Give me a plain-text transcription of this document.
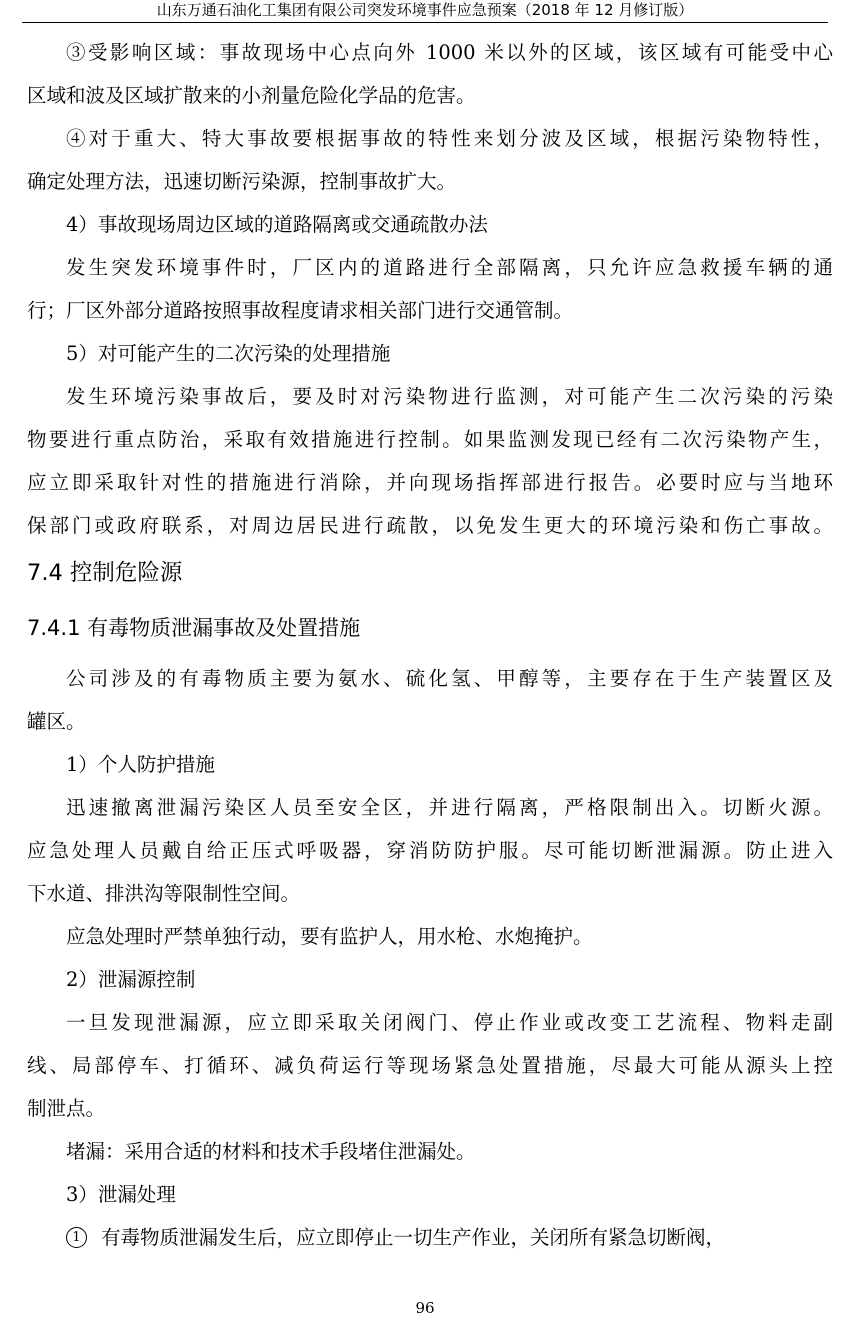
山东万通石油化工集团有限公司突发环境事件应急预案（2018 年 12 月修订版）
③受影响区域：事故现场中心点向外 1000 米以外的区域，该区域有可能受中心
区域和波及区域扩散来的小剂量危险化学品的危害。
④对于重大、特大事故要根据事故的特性来划分波及区域，根据污染物特性，
确定处理方法，迅速切断污染源，控制事故扩大。
4）事故现场周边区域的道路隔离或交通疏散办法
发生突发环境事件时，厂区内的道路进行全部隔离，只允许应急救援车辆的通
行；厂区外部分道路按照事故程度请求相关部门进行交通管制。
5）对可能产生的二次污染的处理措施
发生环境污染事故后，要及时对污染物进行监测，对可能产生二次污染的污染
物要进行重点防治，采取有效措施进行控制。如果监测发现已经有二次污染物产生，
应立即采取针对性的措施进行消除，并向现场指挥部进行报告。必要时应与当地环
保部门或政府联系，对周边居民进行疏散，以免发生更大的环境污染和伤亡事故。
7.4 控制危险源
7.4.1 有毒物质泄漏事故及处置措施
公司涉及的有毒物质主要为氨水、硫化氢、甲醇等，主要存在于生产装置区及
罐区。
1）个人防护措施
迅速撤离泄漏污染区人员至安全区，并进行隔离，严格限制出入。切断火源。
应急处理人员戴自给正压式呼吸器，穿消防防护服。尽可能切断泄漏源。防止进入
下水道、排洪沟等限制性空间。
应急处理时严禁单独行动，要有监护人，用水枪、水炮掩护。
2）泄漏源控制
一旦发现泄漏源，应立即采取关闭阀门、停止作业或改变工艺流程、物料走副
线、局部停车、打循环、减负荷运行等现场紧急处置措施，尽最大可能从源头上控
制泄点。
堵漏：采用合适的材料和技术手段堵住泄漏处。
3）泄漏处理
1 有毒物质泄漏发生后，应立即停止一切生产作业，关闭所有紧急切断阀，
96
